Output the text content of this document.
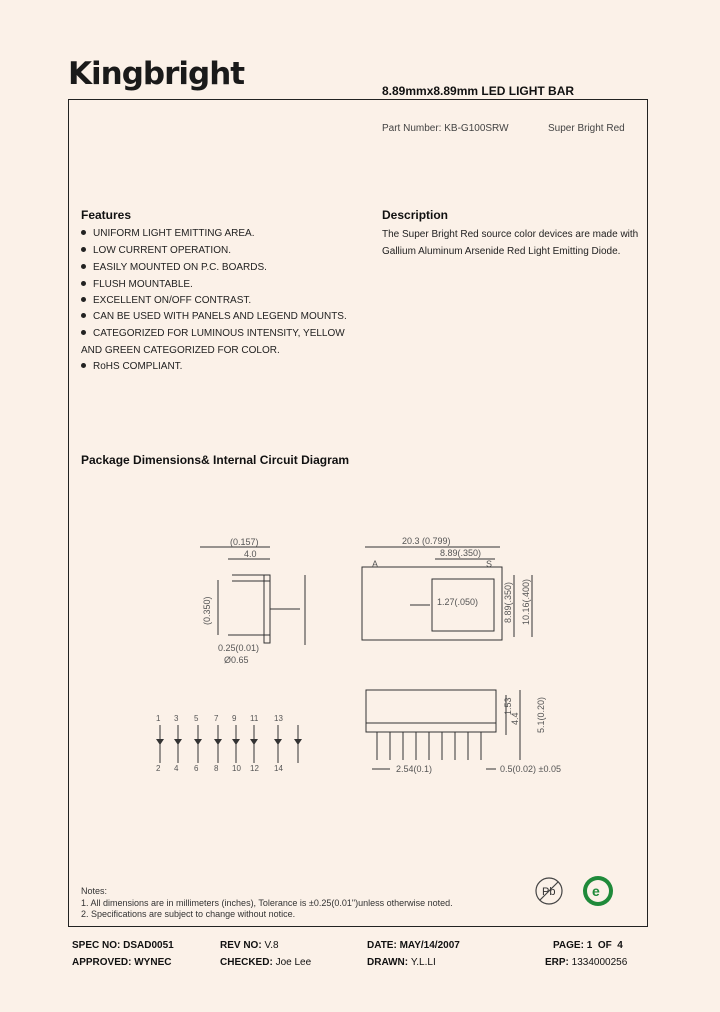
Kingbright	8.89mmx8.89mm LED LIGHT BAR
Part Number: KB-G100SRW	Super Bright Red
Features
UNIFORM LIGHT EMITTING AREA.
LOW CURRENT OPERATION.
EASILY MOUNTED ON P.C. BOARDS.
FLUSH MOUNTABLE.
EXCELLENT ON/OFF CONTRAST.
CAN BE USED WITH PANELS AND LEGEND MOUNTS.
CATEGORIZED FOR LUMINOUS INTENSITY, YELLOW
AND GREEN CATEGORIZED FOR COLOR.
RoHS COMPLIANT.
Description
The Super Bright Red source color devices are made with
Gallium Aluminum Arsenide Red Light Emitting Diode.
Package Dimensions& Internal Circuit Diagram
(0.157)
4.0
(0.350)
0.25(0.01)
Ø0.65
20.3 (0.799)
8.89(.350)
1.27(.050)
A	S
8.89(.350) 10.16(.400)
1.53
4.4 5.1(0.20)
2.54(0.1)	0.5(0.02) ±0.05
1 3 5 7 9 11 13
2 4 6 8 10 12 14
Notes:
1. All dimensions are in millimeters (inches), Tolerance is ±0.25(0.01")unless otherwise noted.
2. Specifications are subject to change without notice.
Pb	e
SPEC NO: DSAD0051	REV NO: V.8	DATE: MAY/14/2007	PAGE: 1  OF  4
APPROVED: WYNEC	CHECKED: Joe Lee	DRAWN: Y.L.LI	ERP: 1334000256
